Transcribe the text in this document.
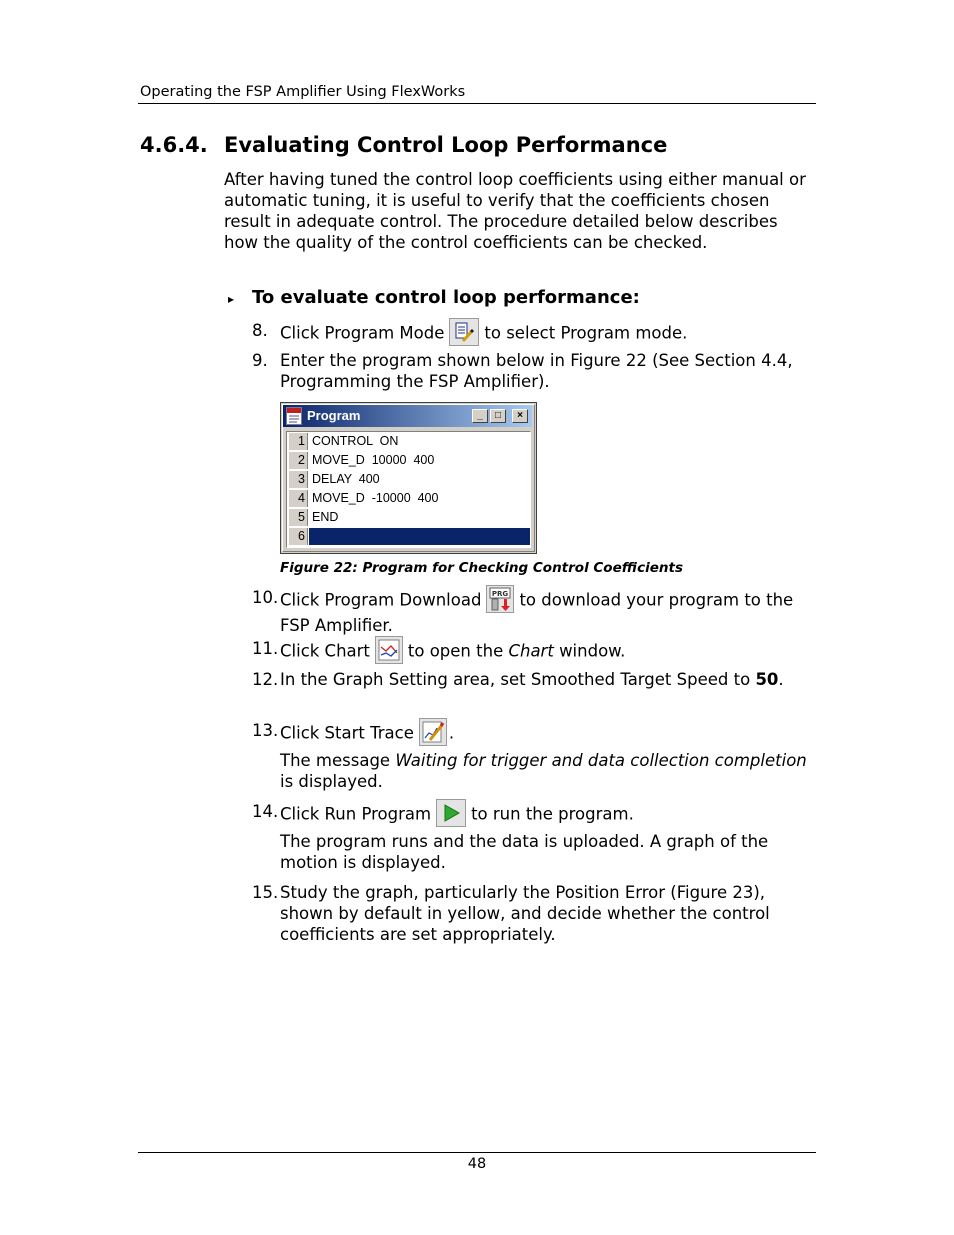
Operating the FSP Amplifier Using FlexWorks
4.6.4. Evaluating Control Loop Performance

After having tuned the control loop coefficients using either manual or automatic tuning, it is useful to verify that the coefficients chosen result in adequate control. The procedure detailed below describes how the quality of the control coefficients can be checked.

▸ To evaluate control loop performance:
8. Click Program Mode to select Program mode.
9. Enter the program shown below in Figure 22 (See Section 4.4, Programming the FSP Amplifier).
Program	_	□	×
1 CONTROL  ON
2 MOVE_D  10000  400
3 DELAY  400
4 MOVE_D  -10000  400
5 END
6
Figure 22: Program for Checking Control Coefficients
10. Click Program Download PRG to download your program to the FSP Amplifier.
11. Click Chart to open the Chart window.
12. In the Graph Setting area, set Smoothed Target Speed to 50.
13. Click Start Trace .
The message Waiting for trigger and data collection completion is displayed.
14. Click Run Program to run the program.
The program runs and the data is uploaded. A graph of the motion is displayed.
15. Study the graph, particularly the Position Error (Figure 23), shown by default in yellow, and decide whether the control coefficients are set appropriately.
48
